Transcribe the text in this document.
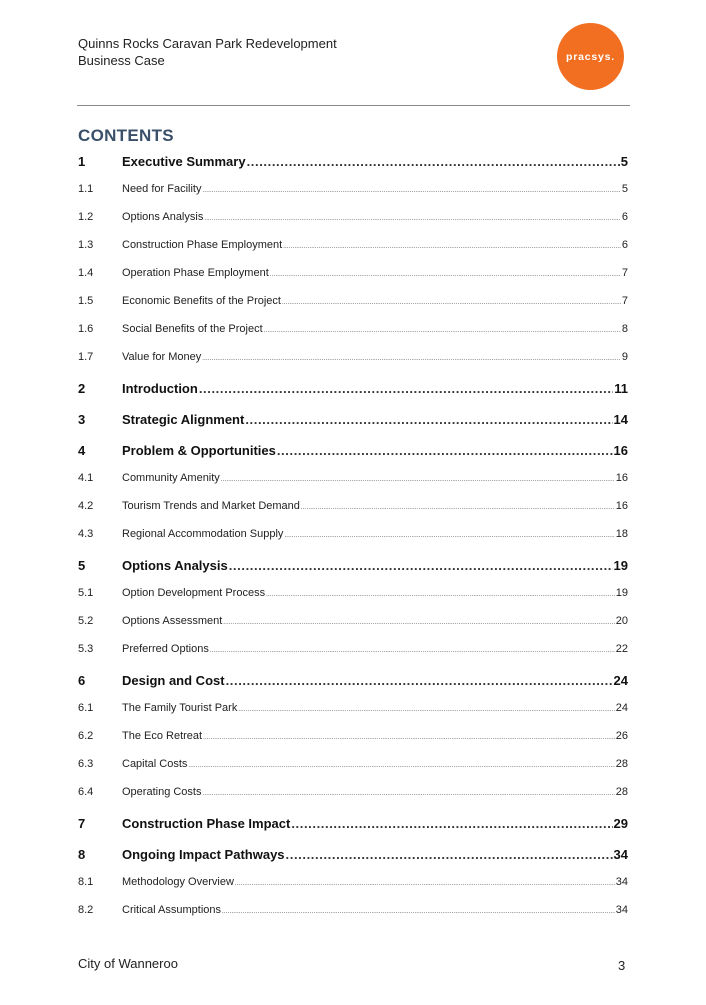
Quinns Rocks Caravan Park Redevelopment
Business Case	pracsys.
CONTENTS
1	Executive Summary .....	5
1.1	Need for Facility .....	5
1.2	Options Analysis .....	6
1.3	Construction Phase Employment .....	6
1.4	Operation Phase Employment .....	7
1.5	Economic Benefits of the Project .....	7
1.6	Social Benefits of the Project .....	8
1.7	Value for Money .....	9
2	Introduction .....	11
3	Strategic Alignment .....	14
4	Problem & Opportunities .....	16
4.1	Community Amenity .....	16
4.2	Tourism Trends and Market Demand .....	16
4.3	Regional Accommodation Supply .....	18
5	Options Analysis .....	19
5.1	Option Development Process .....	19
5.2	Options Assessment .....	20
5.3	Preferred Options .....	22
6	Design and Cost .....	24
6.1	The Family Tourist Park .....	24
6.2	The Eco Retreat .....	26
6.3	Capital Costs .....	28
6.4	Operating Costs .....	28
7	Construction Phase Impact .....	29
8	Ongoing Impact Pathways .....	34
8.1	Methodology Overview .....	34
8.2	Critical Assumptions .....	34
City of Wanneroo	3
